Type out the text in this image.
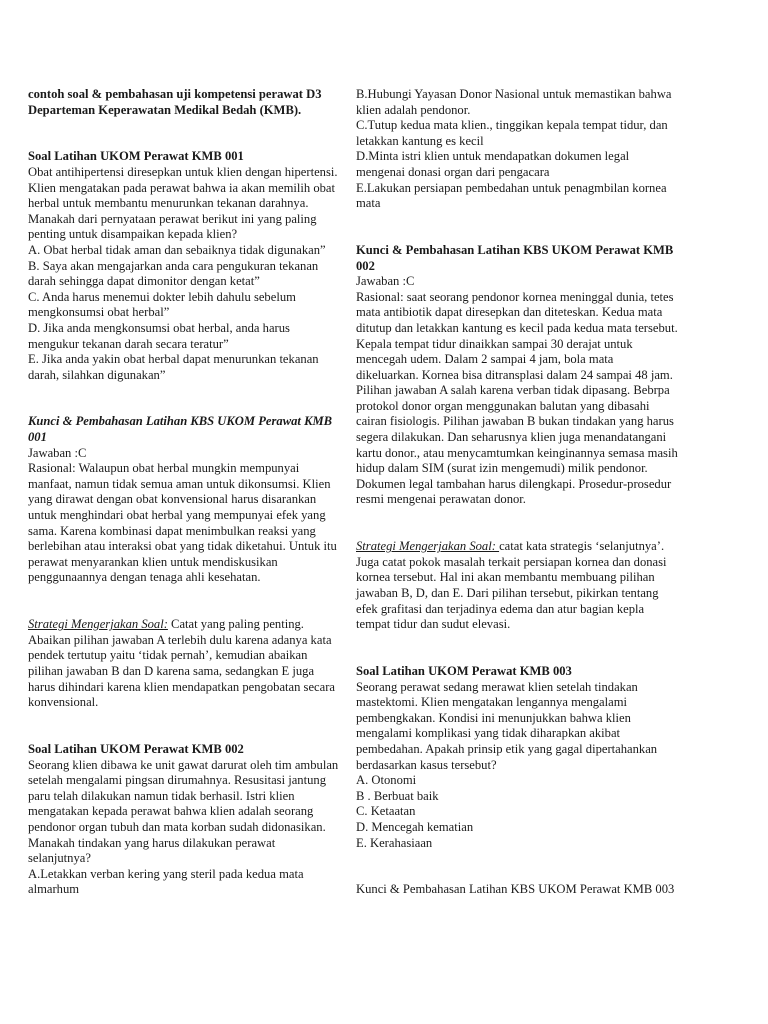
contoh soal & pembahasan uji kompetensi perawat D3 Departeman Keperawatan Medikal Bedah (KMB).

Soal Latihan UKOM Perawat KMB 001

Obat antihipertensi diresepkan untuk klien dengan hipertensi. Klien mengatakan pada perawat bahwa ia akan memilih obat herbal untuk membantu menurunkan tekanan darahnya. Manakah dari pernyataan perawat berikut ini yang paling penting untuk disampaikan kepada klien?

A. Obat herbal tidak aman dan sebaiknya tidak digunakan”

B. Saya akan mengajarkan anda cara pengukuran tekanan darah sehingga dapat dimonitor dengan ketat”

C. Anda harus menemui dokter lebih dahulu sebelum mengkonsumsi obat herbal”

D. Jika anda mengkonsumsi obat herbal, anda harus mengukur tekanan darah secara teratur”

E. Jika anda yakin obat herbal dapat menurunkan tekanan darah, silahkan digunakan”

Kunci & Pembahasan Latihan KBS UKOM Perawat KMB 001

Jawaban :C

Rasional: Walaupun obat herbal mungkin mempunyai manfaat, namun tidak semua aman untuk dikonsumsi. Klien yang dirawat dengan obat konvensional harus disarankan untuk menghindari obat herbal yang mempunyai efek yang sama. Karena kombinasi dapat menimbulkan reaksi yang berlebihan atau interaksi obat yang tidak diketahui. Untuk itu perawat menyarankan klien untuk mendiskusikan penggunaannya dengan tenaga ahli kesehatan.

Strategi Mengerjakan Soal: Catat yang paling penting. Abaikan pilihan jawaban A terlebih dulu karena adanya kata pendek tertutup yaitu ‘tidak pernah’, kemudian abaikan pilihan jawaban B dan D karena sama, sedangkan E juga harus dihindari karena klien mendapatkan pengobatan secara konvensional.

Soal Latihan UKOM Perawat KMB 002

Seorang klien dibawa ke unit gawat darurat oleh tim ambulan setelah mengalami pingsan dirumahnya. Resusitasi jantung paru telah dilakukan namun tidak berhasil. Istri klien mengatakan kepada perawat bahwa klien adalah seorang pendonor organ tubuh dan mata korban sudah didonasikan. Manakah tindakan yang harus dilakukan perawat selanjutnya?

A.Letakkan verban kering yang steril pada kedua mata almarhum

B.Hubungi Yayasan Donor Nasional untuk memastikan bahwa klien adalah pendonor.

C.Tutup kedua mata klien., tinggikan kepala tempat tidur, dan letakkan kantung es kecil

D.Minta istri klien untuk mendapatkan dokumen legal mengenai donasi organ dari pengacara

E.Lakukan persiapan pembedahan untuk penagmbilan kornea mata

Kunci & Pembahasan Latihan KBS UKOM Perawat KMB 002

Jawaban :C

Rasional: saat seorang pendonor kornea meninggal dunia, tetes mata antibiotik dapat diresepkan dan diteteskan. Kedua mata ditutup dan letakkan kantung es kecil pada kedua mata tersebut. Kepala tempat tidur dinaikkan sampai 30 derajat untuk mencegah udem. Dalam 2 sampai 4 jam, bola mata dikeluarkan. Kornea bisa ditransplasi dalam 24 sampai 48 jam. Pilihan jawaban A salah karena verban tidak dipasang. Bebrpa protokol donor organ menggunakan balutan yang dibasahi cairan fisiologis. Pilihan jawaban B bukan tindakan yang harus segera dilakukan. Dan seharusnya klien juga menandatangani kartu donor., atau menycamtumkan keinginannya semasa masih hidup dalam SIM (surat izin mengemudi) milik pendonor. Dokumen legal tambahan harus dilengkapi. Prosedur-prosedur resmi mengenai perawatan donor.

Strategi Mengerjakan Soal: catat kata strategis ‘selanjutnya’. Juga catat pokok masalah terkait persiapan kornea dan donasi kornea tersebut. Hal ini akan membantu membuang pilihan jawaban B, D, dan E. Dari pilihan tersebut, pikirkan tentang efek grafitasi dan terjadinya edema dan atur bagian kepla tempat tidur dan sudut elevasi.

Soal Latihan UKOM Perawat KMB 003

Seorang perawat sedang merawat klien setelah tindakan mastektomi. Klien mengatakan lengannya mengalami pembengkakan. Kondisi ini menunjukkan bahwa klien mengalami komplikasi yang tidak diharapkan akibat pembedahan. Apakah prinsip etik yang gagal dipertahankan berdasarkan kasus tersebut?

A. Otonomi

B . Berbuat baik

C. Ketaatan

D. Mencegah kematian

E. Kerahasiaan

Kunci & Pembahasan Latihan KBS UKOM Perawat KMB 003
